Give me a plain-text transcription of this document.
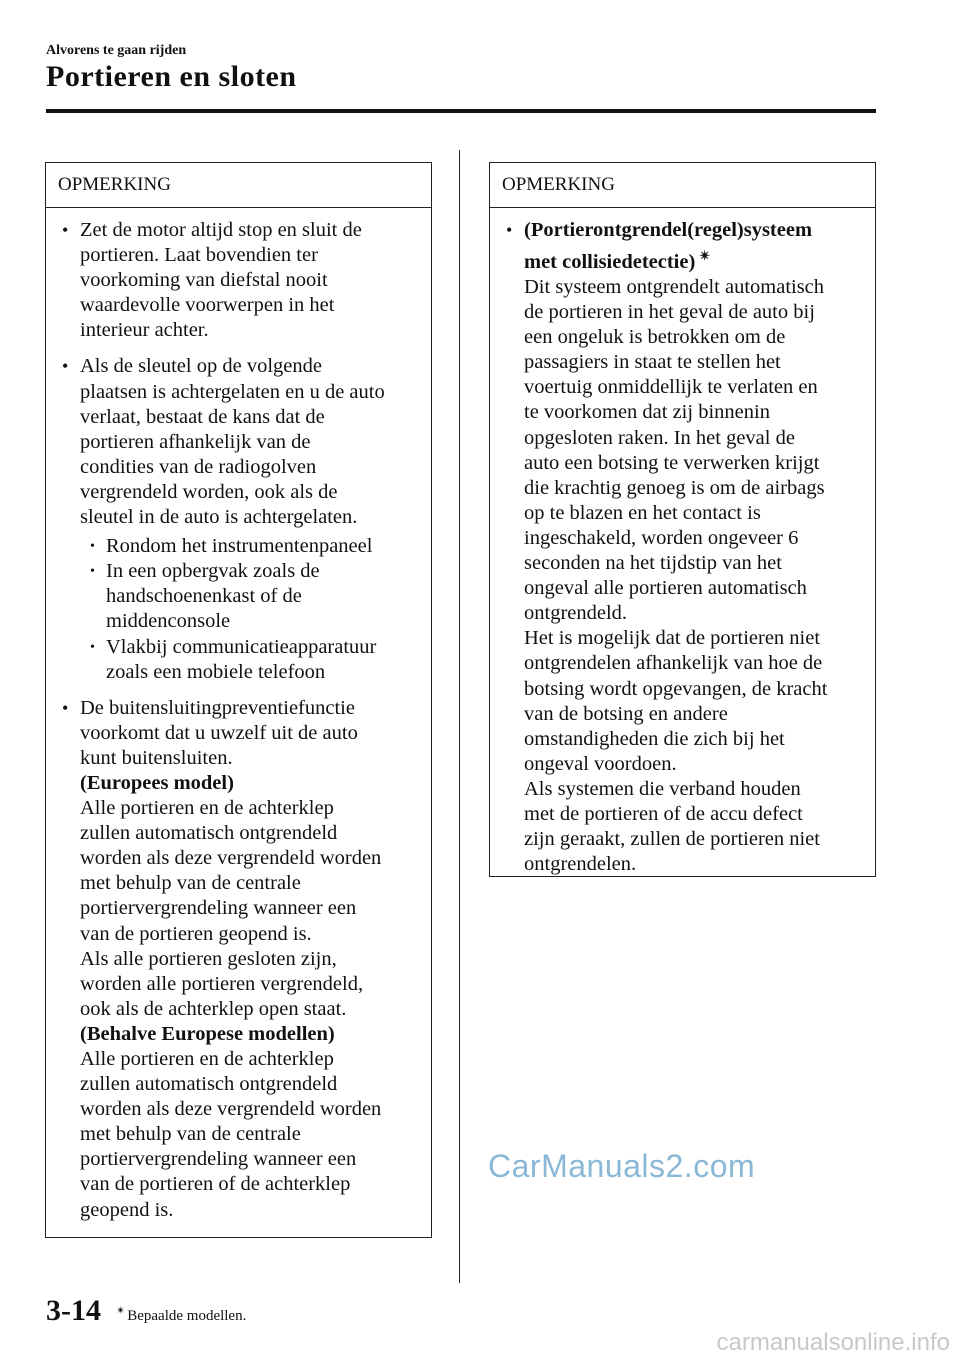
Alvorens te gaan rijden
Portieren en sloten
OPMERKING
• Zet de motor altijd stop en sluit de
portieren. Laat bovendien ter
voorkoming van diefstal nooit
waardevolle voorwerpen in het
interieur achter.
• Als de sleutel op de volgende
plaatsen is achtergelaten en u de auto
verlaat, bestaat de kans dat de
portieren afhankelijk van de
condities van de radiogolven
vergrendeld worden, ook als de
sleutel in de auto is achtergelaten.
• Rondom het instrumentenpaneel
• In een opbergvak zoals de
handschoenenkast of de
middenconsole
• Vlakbij communicatieapparatuur
zoals een mobiele telefoon
• De buitensluitingpreventiefunctie
voorkomt dat u uwzelf uit de auto
kunt buitensluiten.
(Europees model)
Alle portieren en de achterklep
zullen automatisch ontgrendeld
worden als deze vergrendeld worden
met behulp van de centrale
portiervergrendeling wanneer een
van de portieren geopend is.
Als alle portieren gesloten zijn,
worden alle portieren vergrendeld,
ook als de achterklep open staat.
(Behalve Europese modellen)
Alle portieren en de achterklep
zullen automatisch ontgrendeld
worden als deze vergrendeld worden
met behulp van de centrale
portiervergrendeling wanneer een
van de portieren of de achterklep
geopend is.
OPMERKING
• (Portierontgrendel(regel)systeem
met collisiedetectie) ✴
Dit systeem ontgrendelt automatisch
de portieren in het geval de auto bij
een ongeluk is betrokken om de
passagiers in staat te stellen het
voertuig onmiddellijk te verlaten en
te voorkomen dat zij binnenin
opgesloten raken. In het geval de
auto een botsing te verwerken krijgt
die krachtig genoeg is om de airbags
op te blazen en het contact is
ingeschakeld, worden ongeveer 6
seconden na het tijdstip van het
ongeval alle portieren automatisch
ontgrendeld.
Het is mogelijk dat de portieren niet
ontgrendelen afhankelijk van hoe de
botsing wordt opgevangen, de kracht
van de botsing en andere
omstandigheden die zich bij het
ongeval voordoen.
Als systemen die verband houden
met de portieren of de accu defect
zijn geraakt, zullen de portieren niet
ontgrendelen.
CarManuals2.com
3-14 ✴ Bepaalde modellen.
carmanualsonline.info
